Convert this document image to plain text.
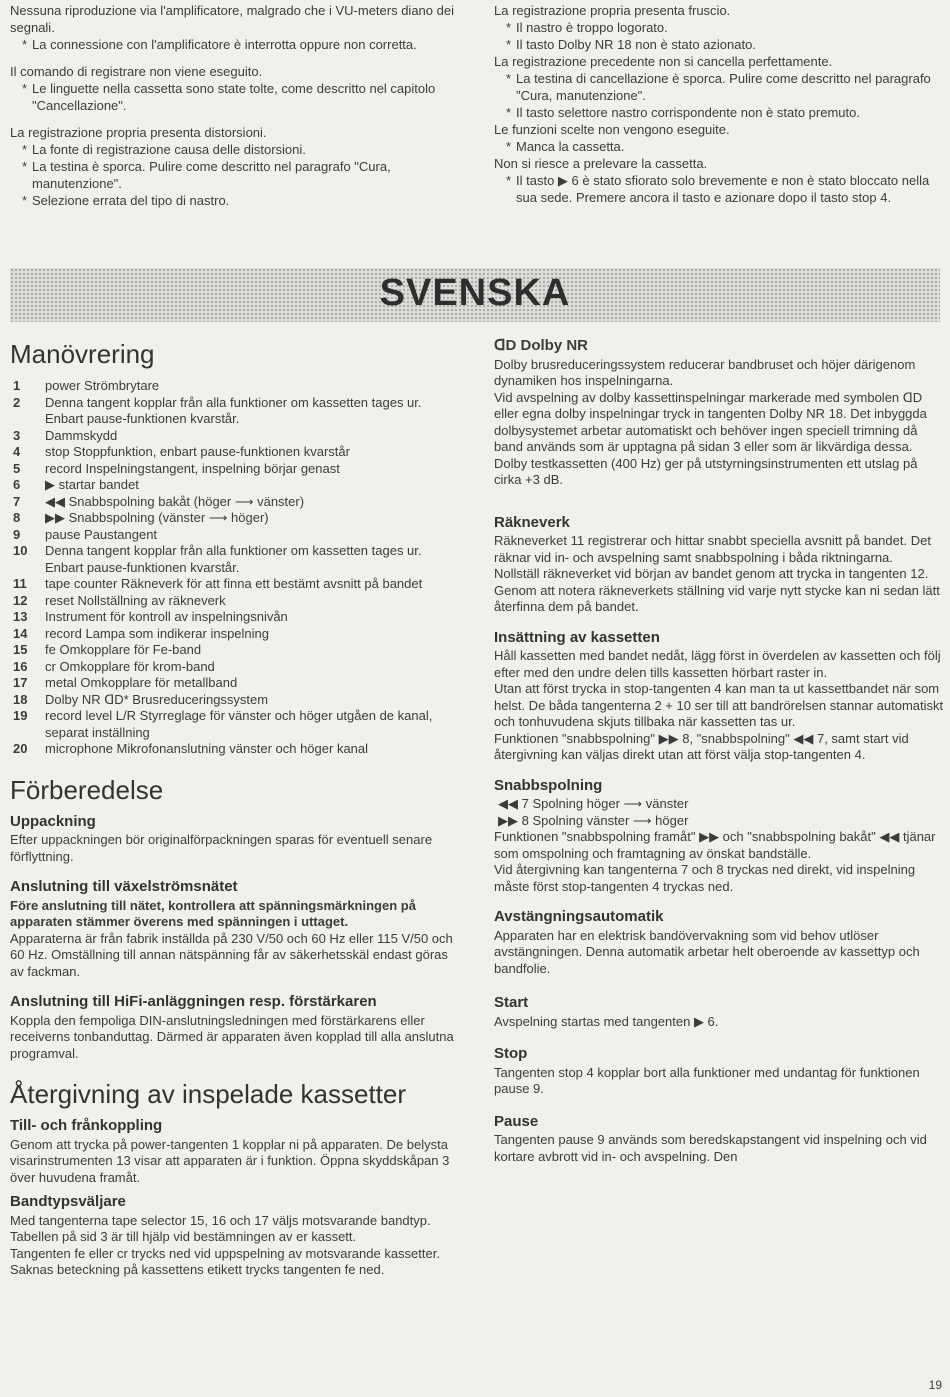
Nessuna riproduzione via l'amplificatore, malgrado che i VU-meters diano dei segnali.

* La connessione con l'amplificatore è interrotta oppure non corretta.

Il comando di registrare non viene eseguito.

* Le linguette nella cassetta sono state tolte, come descritto nel capitolo "Cancellazione".

La registrazione propria presenta distorsioni.

* La fonte di registrazione causa delle distorsioni.

* La testina è sporca. Pulire come descritto nel paragrafo "Cura, manutenzione".

* Selezione errata del tipo di nastro.

La registrazione propria presenta fruscio.

* Il nastro è troppo logorato.

* Il tasto Dolby NR 18 non è stato azionato.

La registrazione precedente non si cancella perfettamente.

* La testina di cancellazione è sporca. Pulire come descritto nel paragrafo "Cura, manutenzione".

* Il tasto selettore nastro corrispondente non è stato premuto.

Le funzioni scelte non vengono eseguite.

* Manca la cassetta.

Non si riesce a prelevare la cassetta.

* Il tasto ▶ 6 è stato sfiorato solo brevemente e non è stato bloccato nella sua sede. Premere ancora il tasto e azionare dopo il tasto stop 4.

SVENSKA
Manövrering
1	power Strömbrytare
2	Denna tangent kopplar från alla funktioner om kassetten tages ur. Enbart pause-funktionen kvarstår.
3	Dammskydd
4	stop Stoppfunktion, enbart pause-funktionen kvarstår
5	record Inspelningstangent, inspelning börjar genast
6	▶ startar bandet
7	◀◀ Snabbspolning bakåt (höger ⟶ vänster)
8	▶▶ Snabbspolning (vänster ⟶ höger)
9	pause Paustangent
10	Denna tangent kopplar från alla funktioner om kassetten tages ur. Enbart pause-funktionen kvarstår.
11	tape counter Räkneverk för att finna ett bestämt avsnitt på bandet
12	reset Nollställning av räkneverk
13	Instrument för kontroll av inspelningsnivån
14	record Lampa som indikerar inspelning
15	fe Omkopplare för Fe-band
16	cr Omkopplare för krom-band
17	metal Omkopplare för metallband
18	Dolby NR ᗡD* Brusreduceringssystem
19	record level L/R Styrreglage för vänster och höger utgåen de kanal, separat inställning
20	microphone Mikrofonanslutning vänster och höger kanal
Förberedelse
Uppackning

Efter uppackningen bör originalförpackningen sparas för eventuell senare förflyttning.

Anslutning till växelströmsnätet

Före anslutning till nätet, kontrollera att spänningsmärkningen på apparaten stämmer överens med spänningen i uttaget.

Apparaterna är från fabrik inställda på 230 V/50 och 60 Hz eller 115 V/50 och 60 Hz. Omställning till annan nätspänning får av säkerhetsskäl endast göras av fackman.

Anslutning till HiFi-anläggningen resp. förstärkaren

Koppla den fempoliga DIN-anslutningsledningen med förstärkarens eller receiverns tonbanduttag. Därmed är apparaten även kopplad till alla anslutna programval.

Återgivning av inspelade kassetter
Till- och frånkoppling

Genom att trycka på power-tangenten 1 kopplar ni på apparaten. De belysta visarinstrumenten 13 visar att apparaten är i funktion. Öppna skyddskåpan 3 över huvudena framåt.

Bandtypsväljare

Med tangenterna tape selector 15, 16 och 17 väljs motsvarande bandtyp. Tabellen på sid 3 är till hjälp vid bestämningen av er kassett.

Tangenten fe eller cr trycks ned vid uppspelning av motsvarande kassetter. Saknas beteckning på kassettens etikett trycks tangenten fe ned.

ᗡD Dolby NR

Dolby brusreduceringssystem reducerar bandbruset och höjer därigenom dynamiken hos inspelningarna.

Vid avspelning av dolby kassettinspelningar markerade med symbolen ᗡD eller egna dolby inspelningar tryck in tangenten Dolby NR 18. Det inbyggda dolbysystemet arbetar automatiskt och behöver ingen speciell trimning då band används som är upptagna på sidan 3 eller som är likvärdiga dessa.

Dolby testkassetten (400 Hz) ger på utstyrningsinstrumenten ett utslag på cirka +3 dB.

Räkneverk

Räkneverket 11 registrerar och hittar snabbt speciella avsnitt på bandet. Det räknar vid in- och avspelning samt snabbspolning i båda riktningarna.

Nollställ räkneverket vid början av bandet genom att trycka in tangenten 12. Genom att notera räkneverkets ställning vid varje nytt stycke kan ni sedan lätt återfinna dem på bandet.

Insättning av kassetten

Håll kassetten med bandet nedåt, lägg först in överdelen av kassetten och följ efter med den undre delen tills kassetten hörbart raster in.

Utan att först trycka in stop-tangenten 4 kan man ta ut kassettbandet när som helst. De båda tangenterna 2 + 10 ser till att bandrörelsen stannar automatiskt och tonhuvudena skjuts tillbaka när kassetten tas ur.

Funktionen "snabbspolning" ▶▶ 8, "snabbspolning" ◀◀ 7, samt start vid återgivning kan väljas direkt utan att först välja stop-tangenten 4.

Snabbspolning

◀◀ 7 Spolning höger ⟶ vänster

▶▶ 8 Spolning vänster ⟶ höger

Funktionen "snabbspolning framåt" ▶▶ och "snabbspolning bakåt" ◀◀ tjänar som omspolning och framtagning av önskat bandställe.

Vid återgivning kan tangenterna 7 och 8 tryckas ned direkt, vid inspelning måste först stop-tangenten 4 tryckas ned.

Avstängningsautomatik

Apparaten har en elektrisk bandövervakning som vid behov utlöser avstängningen. Denna automatik arbetar helt oberoende av kassettyp och bandfolie.

Start

Avspelning startas med tangenten ▶ 6.

Stop

Tangenten stop 4 kopplar bort alla funktioner med undantag för funktionen pause 9.

Pause

Tangenten pause 9 används som beredskapstangent vid inspelning och vid kortare avbrott vid in- och avspelning. Den

19
